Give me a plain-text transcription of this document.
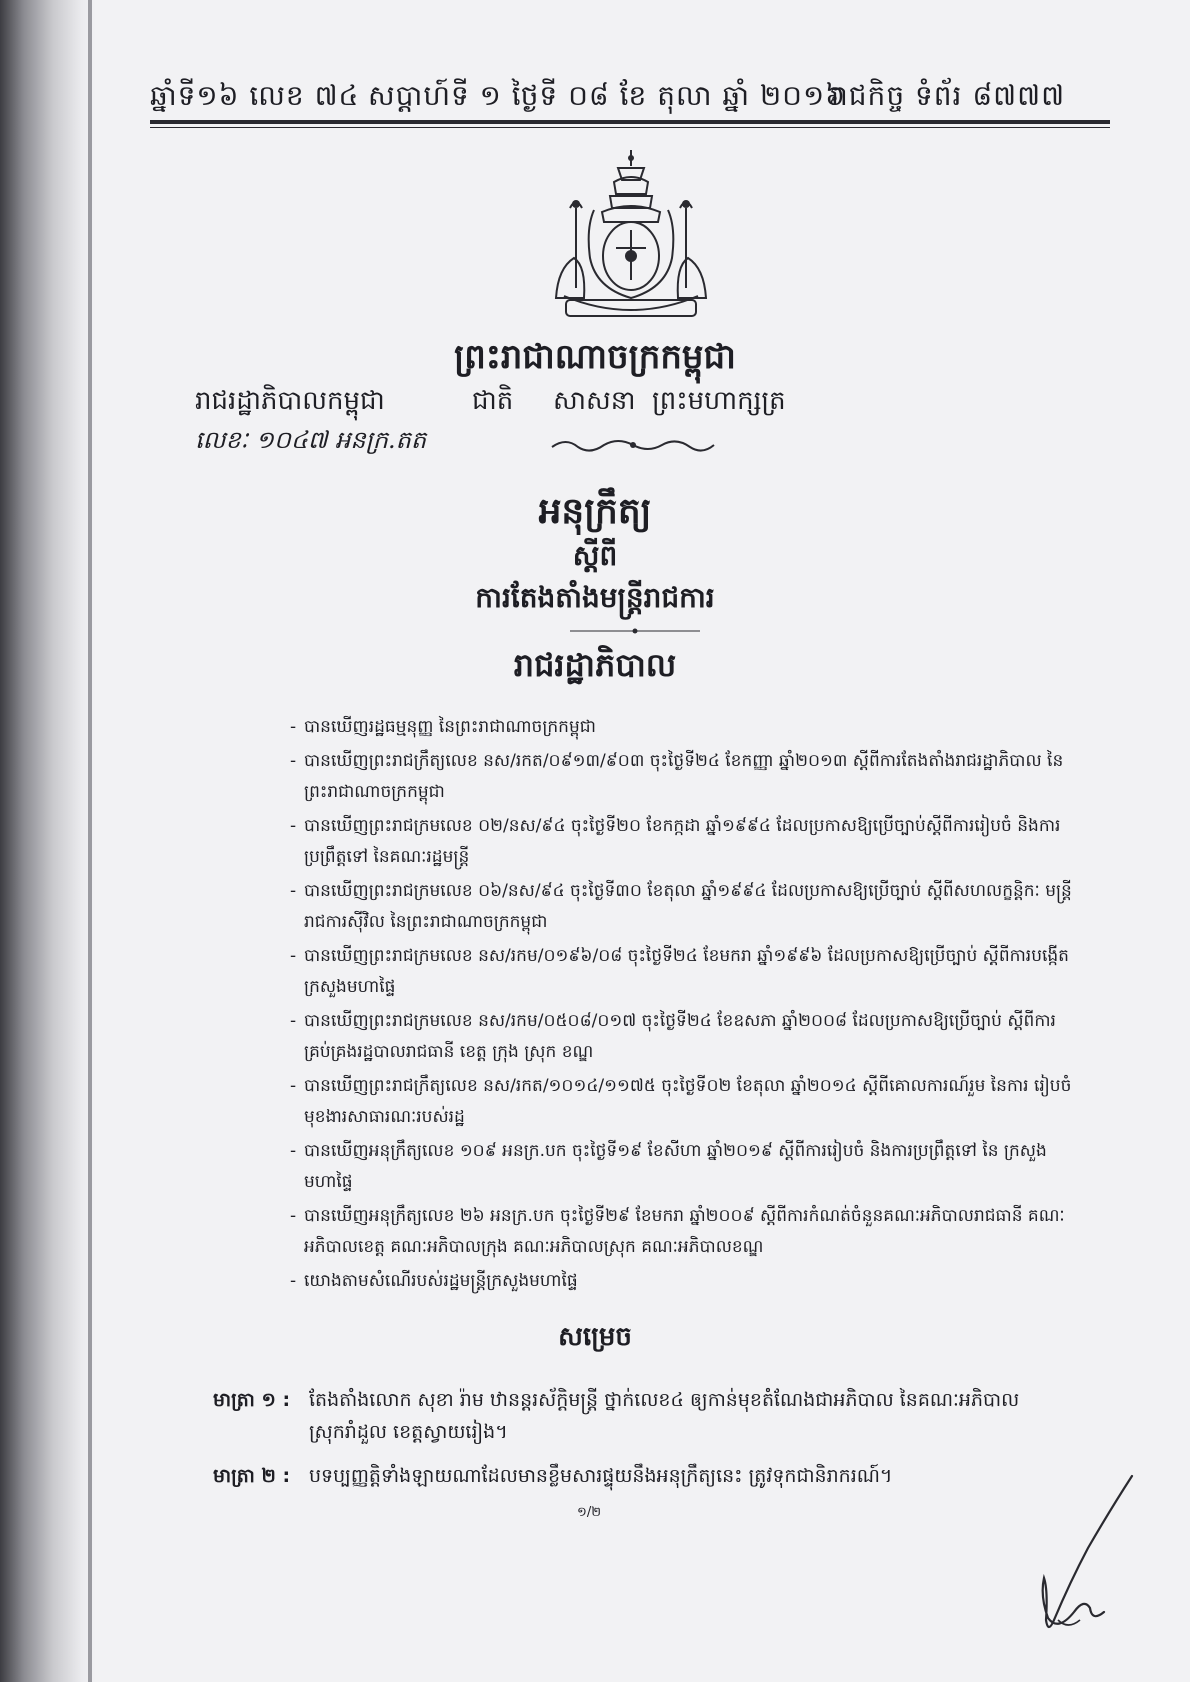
ឆ្នាំទី១៦ លេខ ៧៤ សប្តាហ៍ទី ១ ថ្ងៃទី ០៨ ខែ តុលា ឆ្នាំ ២០១៦
រាជកិច្ច ទំព័រ ៨៧៧៧
ព្រះរាជាណាចក្រកម្ពុជា
រាជរដ្ឋាភិបាលកម្ពុជា	ជាតិ សាសនា ព្រះមហាក្សត្រ
លេខៈ ១០៤៧ អនក្រ.តត
អនុក្រឹត្យ
ស្តីពី
ការតែងតាំងមន្ត្រីរាជការ
រាជរដ្ឋាភិបាល
- បានឃើញរដ្ឋធម្មនុញ្ញ នៃព្រះរាជាណាចក្រកម្ពុជា
- បានឃើញព្រះរាជក្រឹត្យលេខ នស/រកត/០៩១៣/៩០៣ ចុះថ្ងៃទី២៤ ខែកញ្ញា ឆ្នាំ២០១៣ ស្តីពីការតែងតាំងរាជរដ្ឋាភិបាល នៃព្រះរាជាណាចក្រកម្ពុជា
- បានឃើញព្រះរាជក្រមលេខ ០២/នស/៩៤ ចុះថ្ងៃទី២០ ខែកក្កដា ឆ្នាំ១៩៩៤ ដែលប្រកាសឱ្យប្រើច្បាប់ស្តីពីការរៀបចំ និងការប្រព្រឹត្តទៅ នៃគណៈរដ្ឋមន្ត្រី
- បានឃើញព្រះរាជក្រមលេខ ០៦/នស/៩៤ ចុះថ្ងៃទី៣០ ខែតុលា ឆ្នាំ១៩៩៤ ដែលប្រកាសឱ្យប្រើច្បាប់ ស្តីពីសហលក្ខន្តិកៈ មន្ត្រីរាជការស៊ីវិល នៃព្រះរាជាណាចក្រកម្ពុជា
- បានឃើញព្រះរាជក្រមលេខ នស/រកម/០១៩៦/០៨ ចុះថ្ងៃទី២៤ ខែមករា ឆ្នាំ១៩៩៦ ដែលប្រកាសឱ្យប្រើច្បាប់ ស្តីពីការបង្កើតក្រសួងមហាផ្ទៃ
- បានឃើញព្រះរាជក្រមលេខ នស/រកម/០៥០៨/០១៧ ចុះថ្ងៃទី២៤ ខែឧសភា ឆ្នាំ២០០៨ ដែលប្រកាសឱ្យប្រើច្បាប់ ស្តីពីការគ្រប់គ្រងរដ្ឋបាលរាជធានី ខេត្ត ក្រុង ស្រុក ខណ្ឌ
- បានឃើញព្រះរាជក្រឹត្យលេខ នស/រកត/១០១៤/១១៧៥ ចុះថ្ងៃទី០២ ខែតុលា ឆ្នាំ២០១៤ ស្តីពីគោលការណ៍រួម នៃការ រៀបចំមុខងារសាធារណៈរបស់រដ្ឋ
- បានឃើញអនុក្រឹត្យលេខ ១០៩ អនក្រ.បក ចុះថ្ងៃទី១៩ ខែសីហា ឆ្នាំ២០១៩ ស្តីពីការរៀបចំ និងការប្រព្រឹត្តទៅ នៃ ក្រសួងមហាផ្ទៃ
- បានឃើញអនុក្រឹត្យលេខ ២៦ អនក្រ.បក ចុះថ្ងៃទី២៩ ខែមករា ឆ្នាំ២០០៩ ស្តីពីការកំណត់ចំនួនគណៈអភិបាលរាជធានី គណៈអភិបាលខេត្ត គណៈអភិបាលក្រុង គណៈអភិបាលស្រុក គណៈអភិបាលខណ្ឌ
- យោងតាមសំណើរបស់រដ្ឋមន្ត្រីក្រសួងមហាផ្ទៃ
សម្រេច
មាត្រា ១ : តែងតាំងលោក សុខា រ៉ាម ឋានន្តរស័ក្តិមន្ត្រី ថ្នាក់លេខ៤ ឲ្យកាន់មុខតំណែងជាអភិបាល នៃគណៈអភិបាល ស្រុករាំដួល ខេត្តស្វាយរៀង។
មាត្រា ២ : បទប្បញ្ញត្តិទាំងឡាយណាដែលមានខ្លឹមសារផ្ទុយនឹងអនុក្រឹត្យនេះ ត្រូវទុកជានិរាករណ៍។
១/២
